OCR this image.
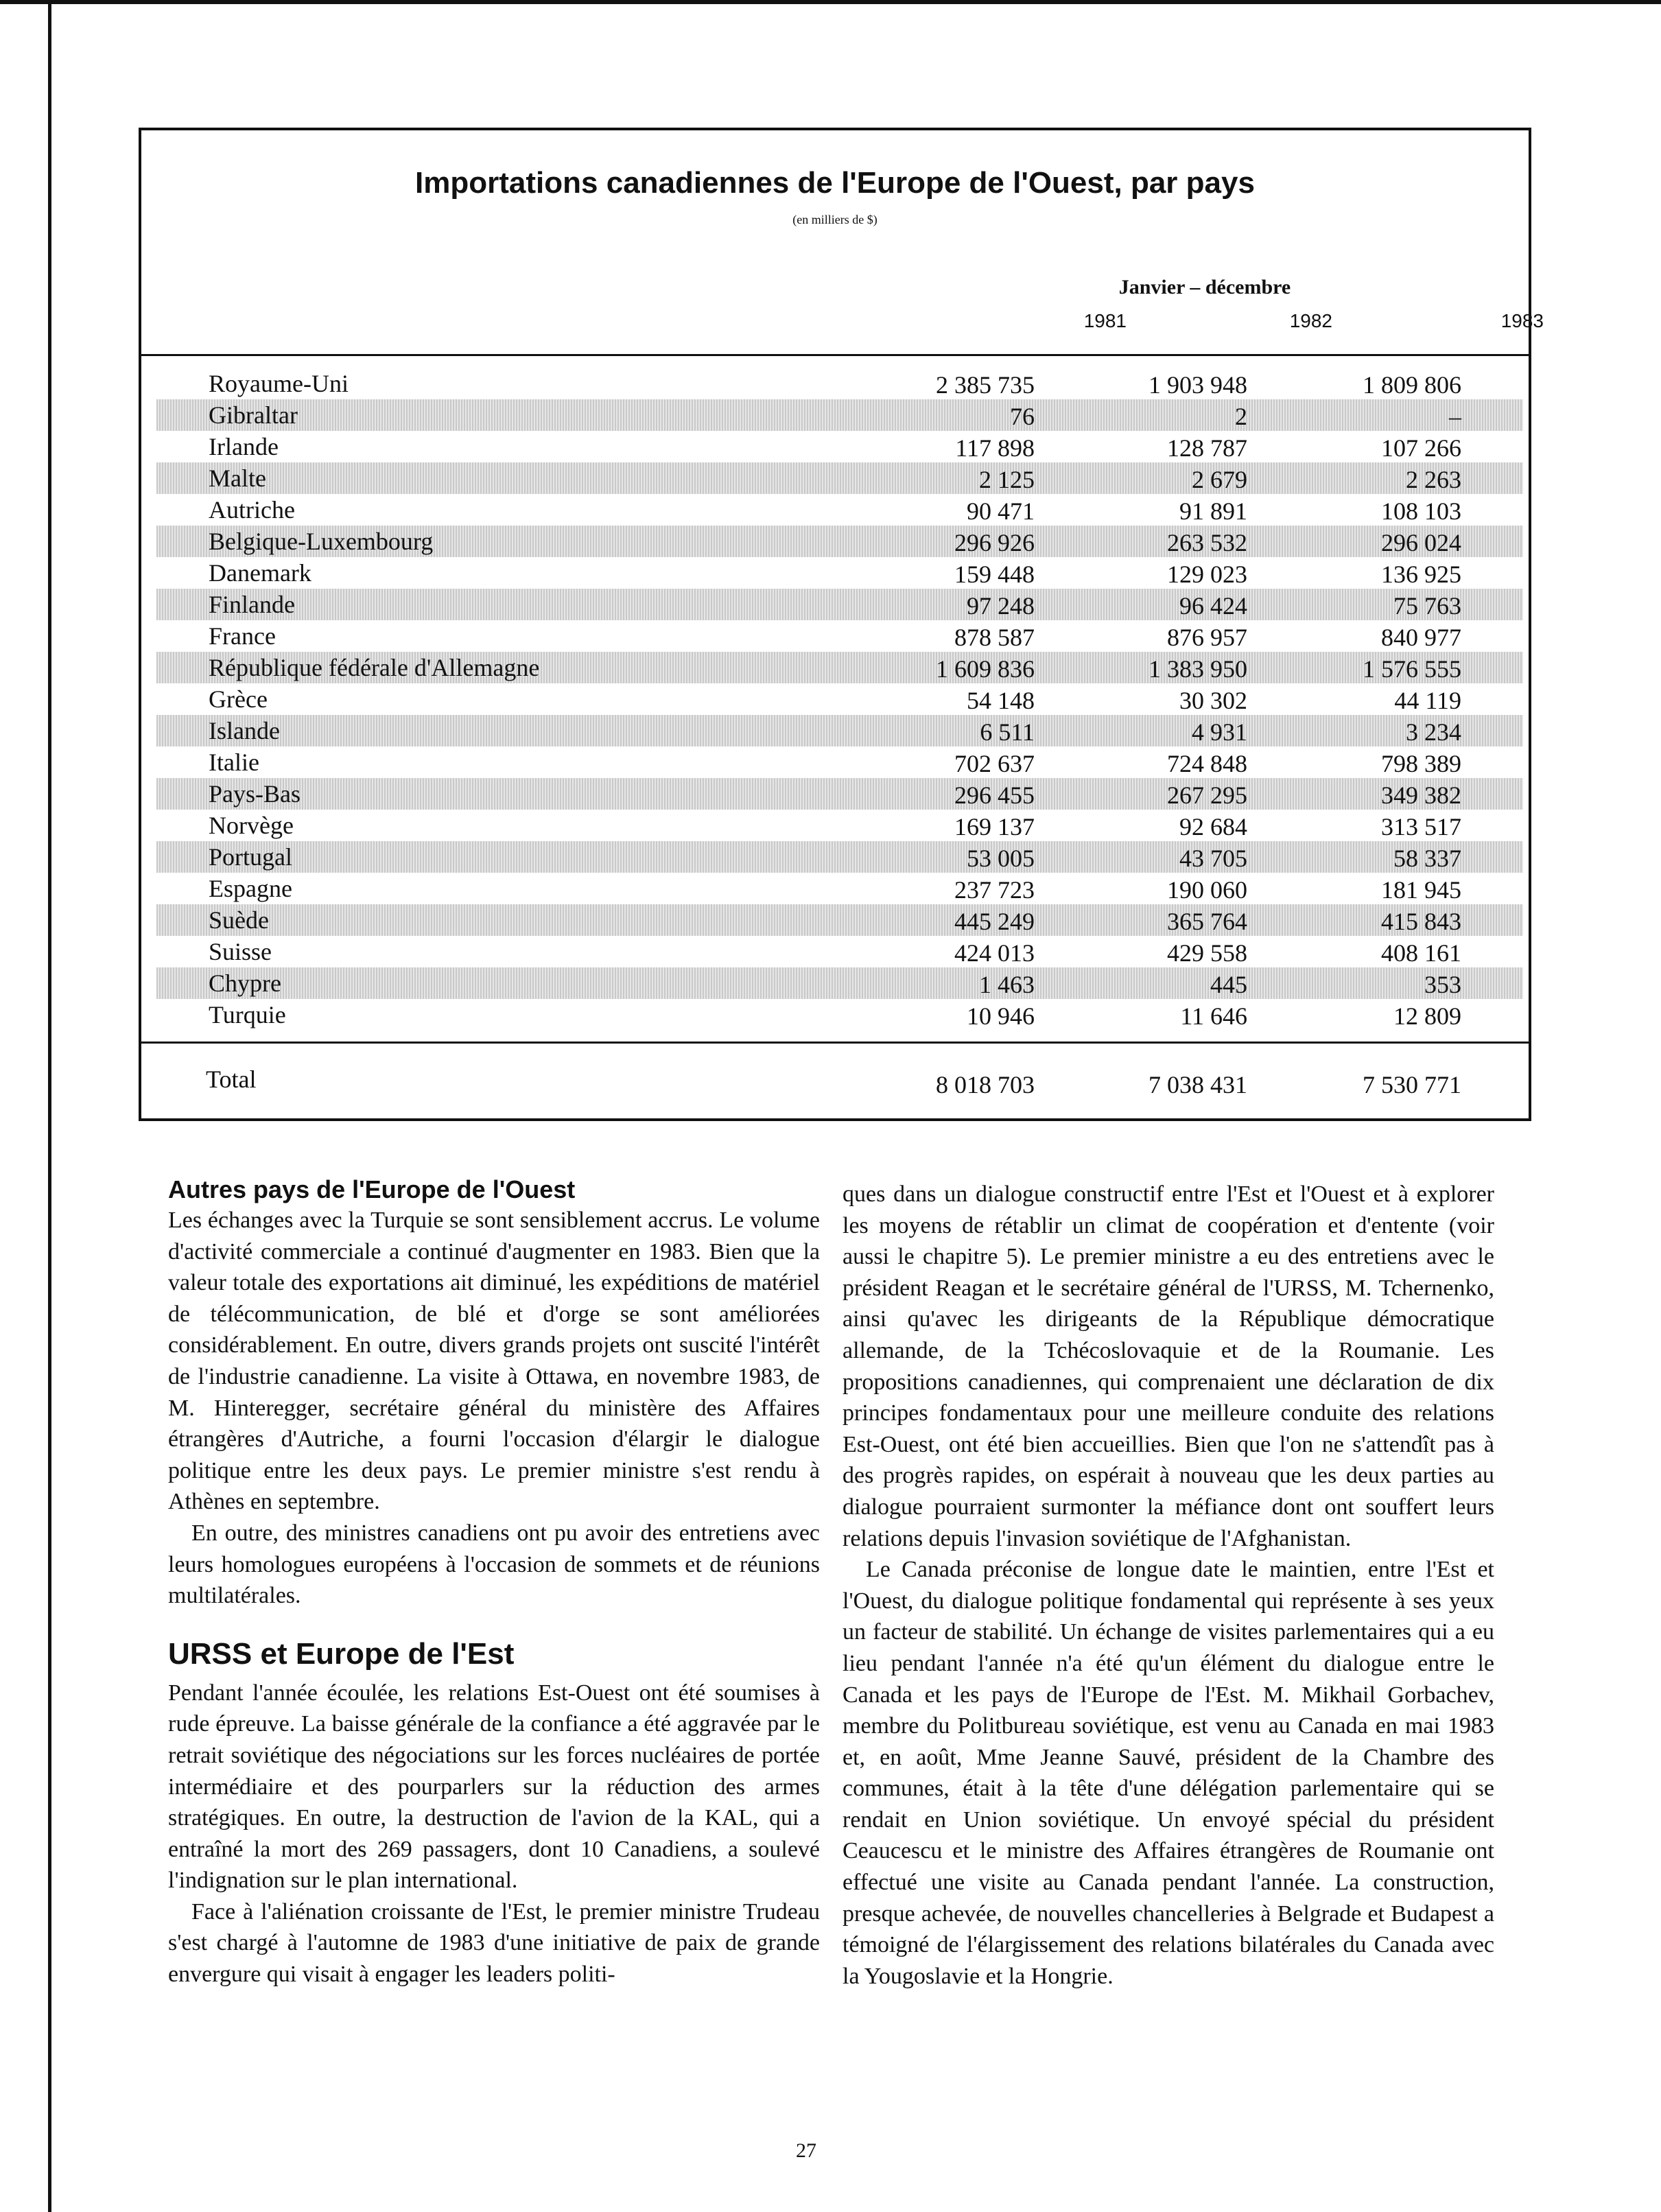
Importations canadiennes de l'Europe de l'Ouest, par pays
(en milliers de $)
Janvier – décembre
1981	1982	1983
Royaume-Uni	2 385 735	1 903 948	1 809 806
Gibraltar	76	2	–
Irlande	117 898	128 787	107 266
Malte	2 125	2 679	2 263
Autriche	90 471	91 891	108 103
Belgique-Luxembourg	296 926	263 532	296 024
Danemark	159 448	129 023	136 925
Finlande	97 248	96 424	75 763
France	878 587	876 957	840 977
République fédérale d'Allemagne	1 609 836	1 383 950	1 576 555
Grèce	54 148	30 302	44 119
Islande	6 511	4 931	3 234
Italie	702 637	724 848	798 389
Pays-Bas	296 455	267 295	349 382
Norvège	169 137	92 684	313 517
Portugal	53 005	43 705	58 337
Espagne	237 723	190 060	181 945
Suède	445 249	365 764	415 843
Suisse	424 013	429 558	408 161
Chypre	1 463	445	353
Turquie	10 946	11 646	12 809
Total	8 018 703	7 038 431	7 530 771
Autres pays de l'Europe de l'Ouest

Les échanges avec la Turquie se sont sensiblement accrus. Le volume d'activité commerciale a continué d'augmenter en 1983. Bien que la valeur totale des exportations ait diminué, les expéditions de matériel de télécommunication, de blé et d'orge se sont améliorées considérablement. En outre, divers grands projets ont suscité l'intérêt de l'industrie canadienne. La visite à Ottawa, en novembre 1983, de M. Hinteregger, secrétaire général du ministère des Affaires étrangères d'Autriche, a fourni l'occasion d'élargir le dialogue politique entre les deux pays. Le premier ministre s'est rendu à Athènes en septembre.

En outre, des ministres canadiens ont pu avoir des entretiens avec leurs homologues européens à l'occasion de sommets et de réunions multilatérales.

URSS et Europe de l'Est

Pendant l'année écoulée, les relations Est-Ouest ont été soumises à rude épreuve. La baisse générale de la confiance a été aggravée par le retrait soviétique des négociations sur les forces nucléaires de portée intermédiaire et des pourparlers sur la réduction des armes stratégiques. En outre, la destruction de l'avion de la KAL, qui a entraîné la mort des 269 passagers, dont 10 Canadiens, a soulevé l'indignation sur le plan international.

Face à l'aliénation croissante de l'Est, le premier ministre Trudeau s'est chargé à l'automne de 1983 d'une initiative de paix de grande envergure qui visait à engager les leaders politi-

ques dans un dialogue constructif entre l'Est et l'Ouest et à explorer les moyens de rétablir un climat de coopération et d'entente (voir aussi le chapitre 5). Le premier ministre a eu des entretiens avec le président Reagan et le secrétaire général de l'URSS, M. Tchernenko, ainsi qu'avec les dirigeants de la République démocratique allemande, de la Tchécoslovaquie et de la Roumanie. Les propositions canadiennes, qui comprenaient une déclaration de dix principes fondamentaux pour une meilleure conduite des relations Est-Ouest, ont été bien accueillies. Bien que l'on ne s'attendît pas à des progrès rapides, on espérait à nouveau que les deux parties au dialogue pourraient surmonter la méfiance dont ont souffert leurs relations depuis l'invasion soviétique de l'Afghanistan.

Le Canada préconise de longue date le maintien, entre l'Est et l'Ouest, du dialogue politique fondamental qui représente à ses yeux un facteur de stabilité. Un échange de visites parlementaires qui a eu lieu pendant l'année n'a été qu'un élément du dialogue entre le Canada et les pays de l'Europe de l'Est. M. Mikhail Gorbachev, membre du Politbureau soviétique, est venu au Canada en mai 1983 et, en août, Mme Jeanne Sauvé, président de la Chambre des communes, était à la tête d'une délégation parlementaire qui se rendait en Union soviétique. Un envoyé spécial du président Ceaucescu et le ministre des Affaires étrangères de Roumanie ont effectué une visite au Canada pendant l'année. La construction, presque achevée, de nouvelles chancelleries à Belgrade et Budapest a témoigné de l'élargissement des relations bilatérales du Canada avec la Yougoslavie et la Hongrie.

27
